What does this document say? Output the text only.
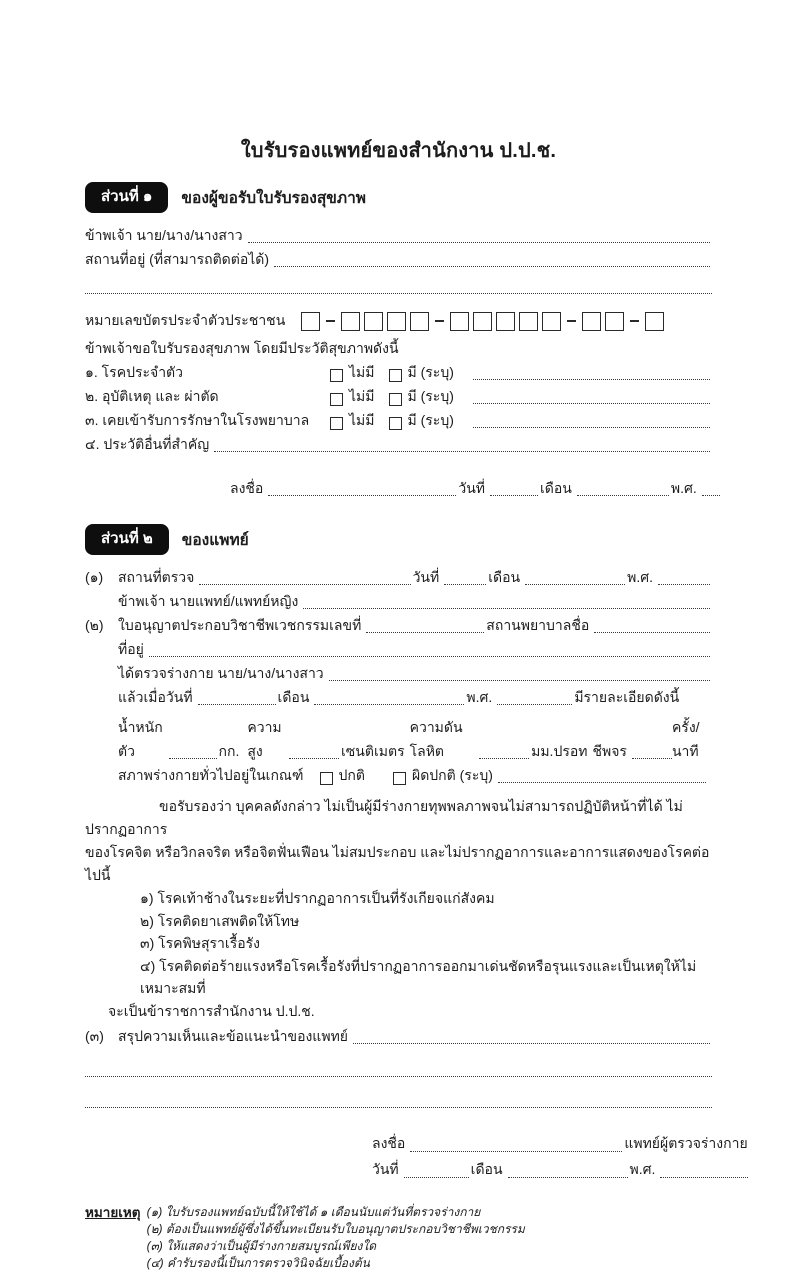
ใบรับรองแพทย์ของสำนักงาน ป.ป.ช.
ส่วนที่ ๑	ของผู้ขอรับใบรับรองสุขภาพ
ข้าพเจ้า นาย/นาง/นางสาว
สถานที่อยู่ (ที่สามารถติดต่อได้)
หมายเลขบัตรประจำตัวประชาชน
ข้าพเจ้าขอใบรับรองสุขภาพ โดยมีประวัติสุขภาพดังนี้
๑. โรคประจำตัว	ไม่มี มี (ระบุ)
๒. อุบัติเหตุ และ ผ่าตัด	ไม่มี มี (ระบุ)
๓. เคยเข้ารับการรักษาในโรงพยาบาล	ไม่มี มี (ระบุ)
๔. ประวัติอื่นที่สำคัญ
ลงชื่อ	วันที่	เดือน	พ.ศ.
ส่วนที่ ๒	ของแพทย์
(๑)	สถานที่ตรวจ	วันที่	เดือน	พ.ศ.
ข้าพเจ้า นายแพทย์/แพทย์หญิง
(๒)	ใบอนุญาตประกอบวิชาชีพเวชกรรมเลขที่	สถานพยาบาลชื่อ
ที่อยู่
ได้ตรวจร่างกาย นาย/นาง/นางสาว
แล้วเมื่อวันที่	เดือน	พ.ศ.	มีรายละเอียดดังนี้
น้ำหนักตัว	กก.
ความสูง	เซนติเมตร
ความดันโลหิต	มม.ปรอท ชีพจร
ครั้ง/นาที
สภาพร่างกายทั่วไปอยู่ในเกณฑ์	ปกติ	ผิดปกติ (ระบุ)
ขอรับรองว่า บุคคลดังกล่าว ไม่เป็นผู้มีร่างกายทุพพลภาพจนไม่สามารถปฏิบัติหน้าที่ได้ ไม่ปรากฏอาการ
ของโรคจิต หรือวิกลจริต หรือจิตฟั่นเฟือน ไม่สมประกอบ และไม่ปรากฏอาการและอาการแสดงของโรคต่อไปนี้
๑) โรคเท้าช้างในระยะที่ปรากฏอาการเป็นที่รังเกียจแก่สังคม
๒) โรคติดยาเสพติดให้โทษ
๓) โรคพิษสุราเรื้อรัง
๔) โรคติดต่อร้ายแรงหรือโรคเรื้อรังที่ปรากฏอาการออกมาเด่นชัดหรือรุนแรงและเป็นเหตุให้ไม่เหมาะสมที่
จะเป็นข้าราชการสำนักงาน ป.ป.ช.
(๓)	สรุปความเห็นและข้อแนะนำของแพทย์
ลงชื่อ	แพทย์ผู้ตรวจร่างกาย
วันที่	เดือน	พ.ศ.
หมายเหตุ (๑) ใบรับรองแพทย์ฉบับนี้ให้ใช้ได้ ๑ เดือนนับแต่วันที่ตรวจร่างกาย
(๒) ต้องเป็นแพทย์ผู้ซึ่งได้ขึ้นทะเบียนรับใบอนุญาตประกอบวิชาชีพเวชกรรม
(๓) ให้แสดงว่าเป็นผู้มีร่างกายสมบูรณ์เพียงใด
(๔) คำรับรองนี้เป็นการตรวจวินิจฉัยเบื้องต้น
